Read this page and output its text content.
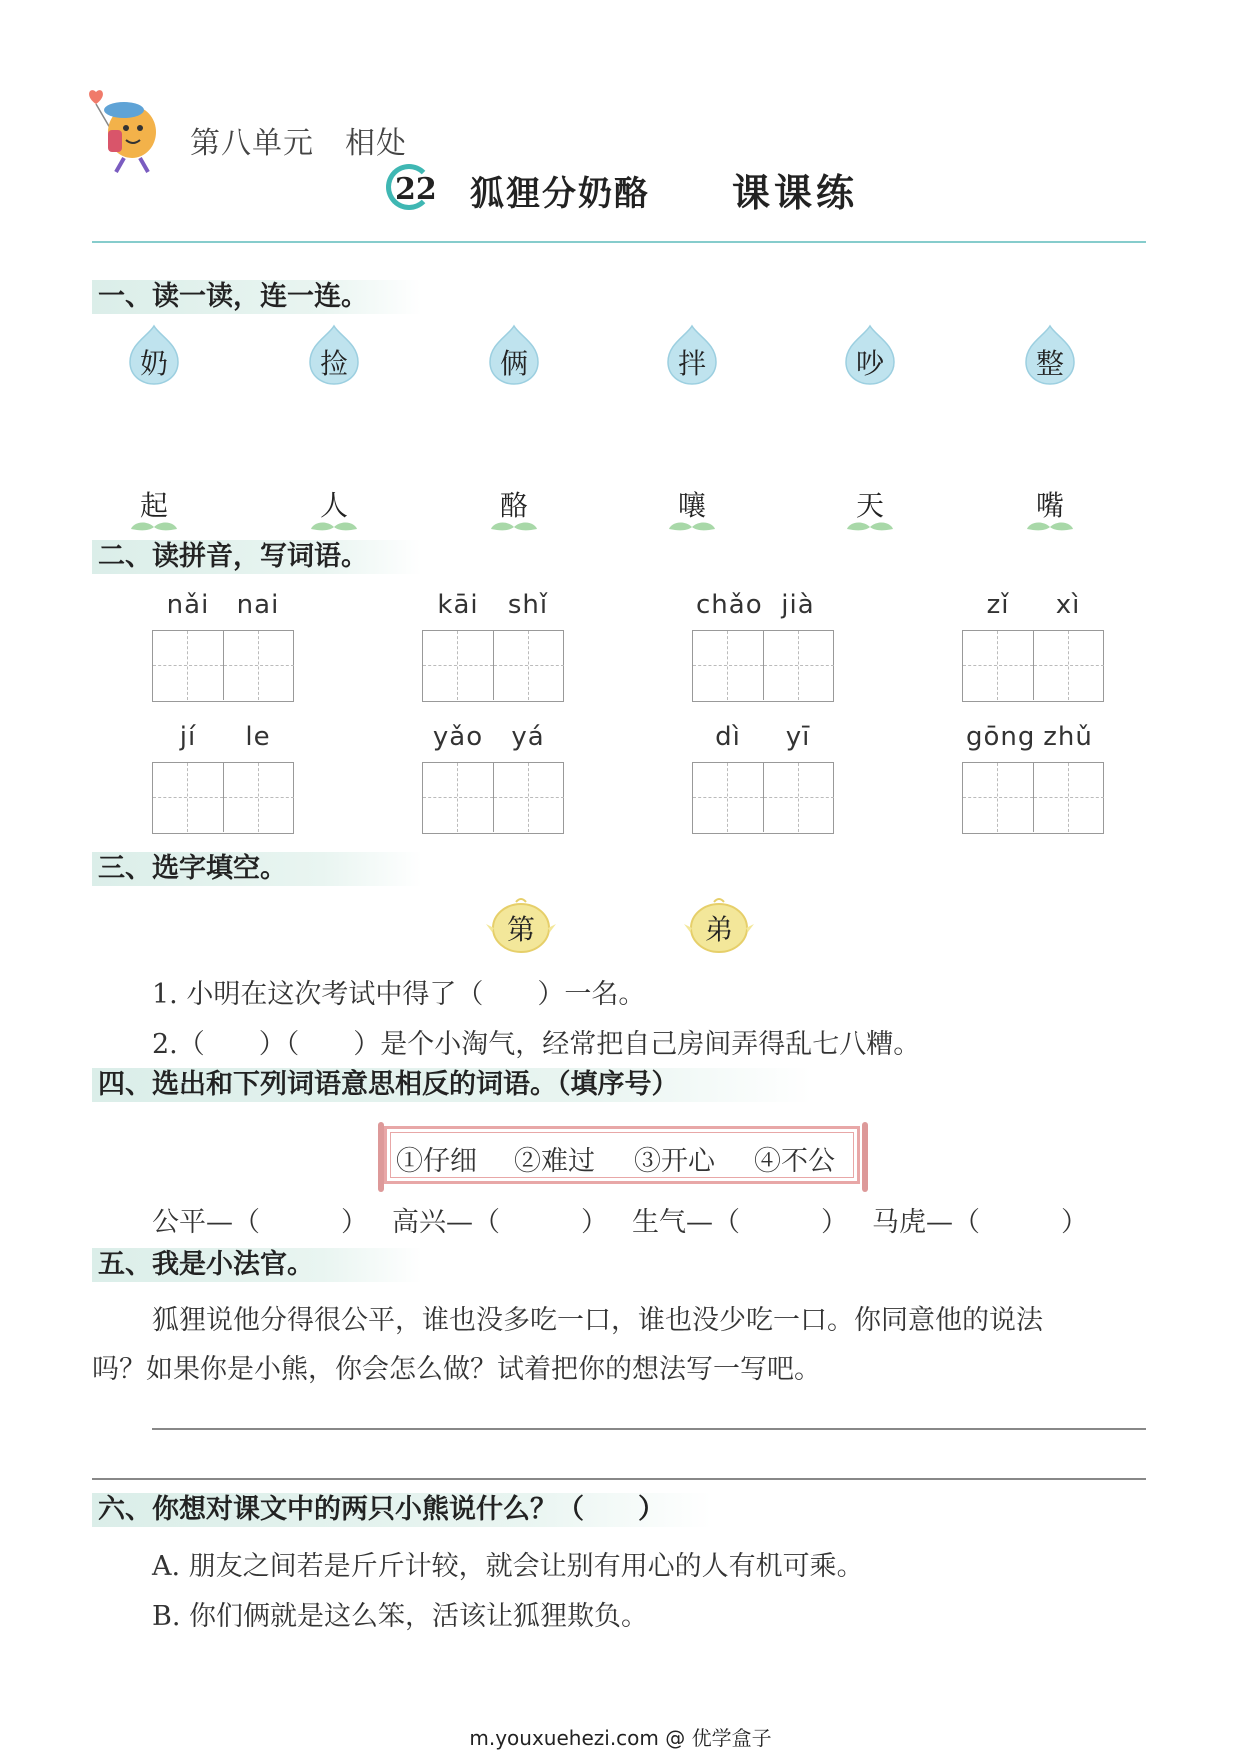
第八单元　相处
22 狐狸分奶酪 课课练
一、读一读，连一连。
奶	捡	俩	拌	吵	整
起	人	酪	嚷	天	嘴
二、读拼音，写词语。
nǎi	nai	kāi	shǐ	chǎo jià	zǐ	xì
jí	le	yǎo	yá	dì	yī	gōng zhǔ
三、选字填空。
第	弟
1. 小明在这次考试中得了（　　）一名。
2.（　　）（　　）是个小淘气，经常把自己房间弄得乱七八糟。
四、选出和下列词语意思相反的词语。（填序号）
①仔细 ②难过 ③开心 ④不公
公平—（　　　） 高兴—（　　　） 生气—（　　　） 马虎—（　　　）
五、我是小法官。
狐狸说他分得很公平，谁也没多吃一口，谁也没少吃一口。你同意他的说法
吗？如果你是小熊，你会怎么做？试着把你的想法写一写吧。
六、你想对课文中的两只小熊说什么？（　　）
A. 朋友之间若是斤斤计较，就会让别有用心的人有机可乘。
B. 你们俩就是这么笨，活该让狐狸欺负。
m.youxuehezi.com @ 优学盒子
